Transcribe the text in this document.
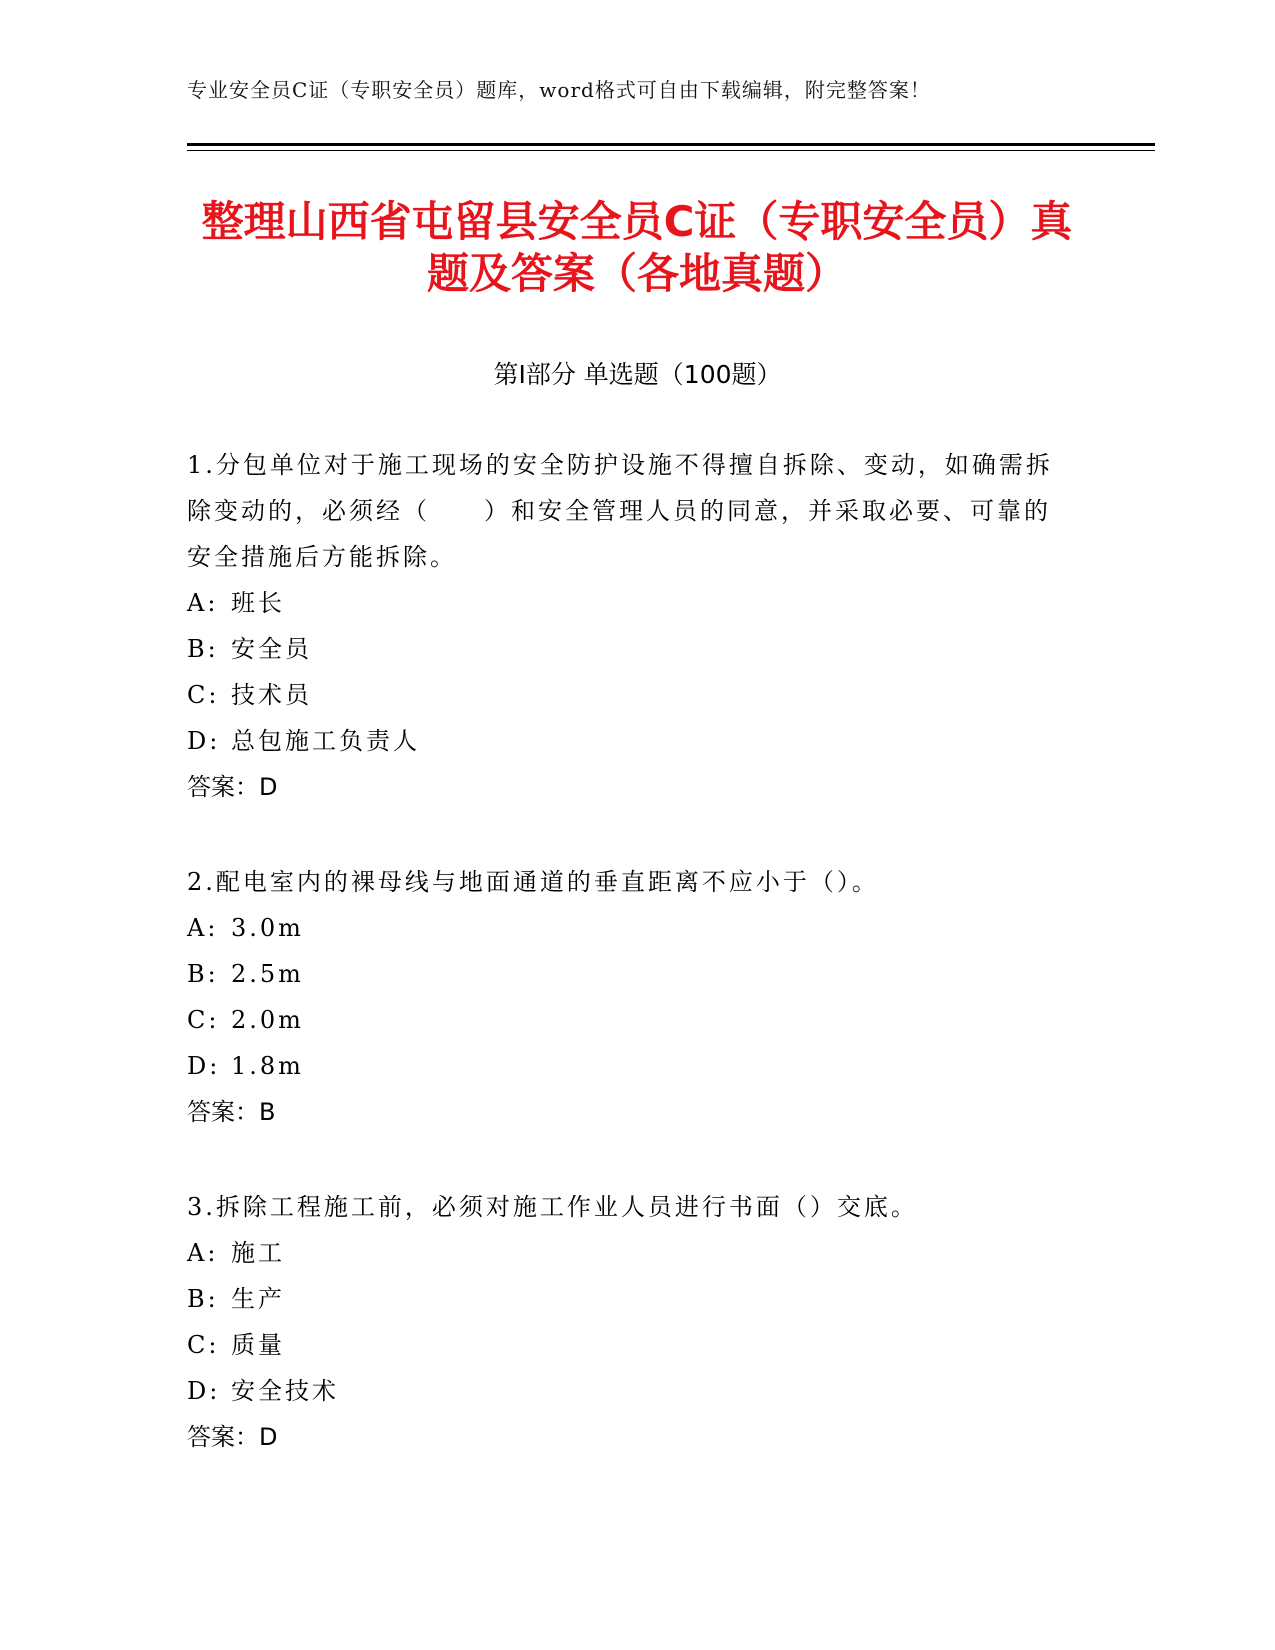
专业安全员C证（专职安全员）题库，word格式可自由下载编辑，附完整答案！
整理山西省屯留县安全员C证（专职安全员）真题及答案（各地真题）
第Ⅰ部分 单选题（100题）

1.分包单位对于施工现场的安全防护设施不得擅自拆除、变动，如确需拆除变动的，必须经（　　）和安全管理人员的同意，并采取必要、可靠的安全措施后方能拆除。

A: 班长
B: 安全员
C: 技术员
D: 总包施工负责人
答案：D

2.配电室内的裸母线与地面通道的垂直距离不应小于（）。

A: 3.0m
B: 2.5m
C: 2.0m
D: 1.8m
答案：B

3.拆除工程施工前，必须对施工作业人员进行书面（）交底。

A: 施工
B: 生产
C: 质量
D: 安全技术
答案：D
